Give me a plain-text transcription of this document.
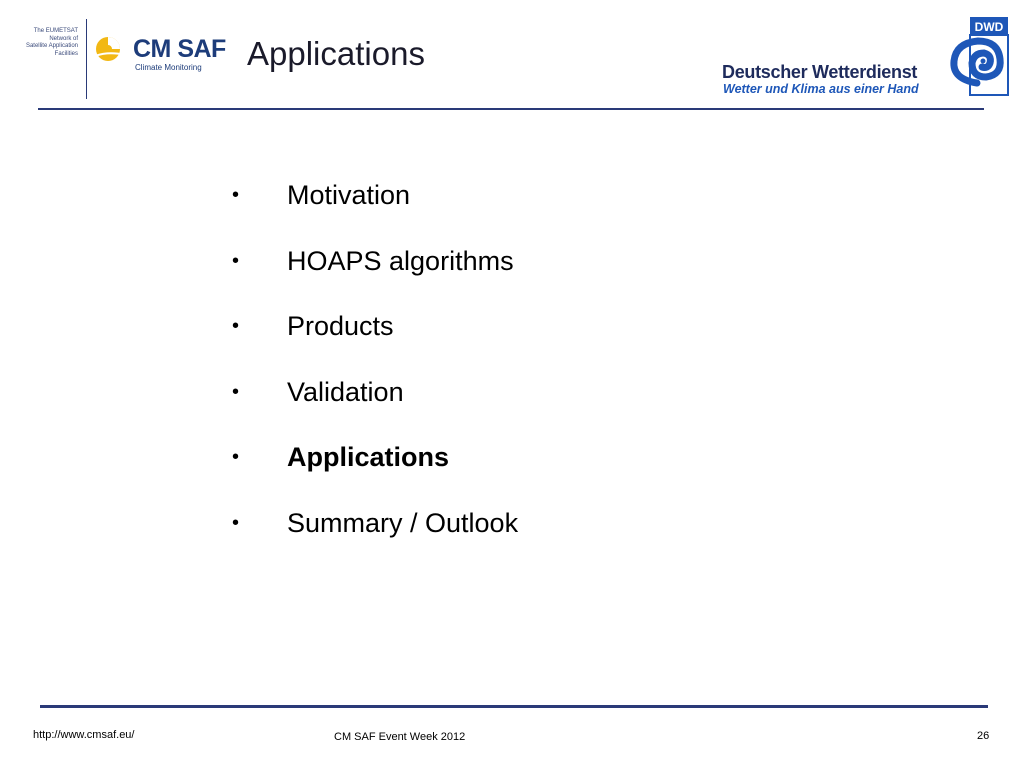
The EUMETSAT
Network of
Satellite Application
Facilities CM SAF
Climate Monitoring Applications	Deutscher Wetterdienst
Wetter und Klima aus einer Hand
DWD
• Motivation
• HOAPS algorithms
• Products
• Validation
• Applications
• Summary / Outlook
http://www.cmsaf.eu/	CM SAF Event Week 2012	26
